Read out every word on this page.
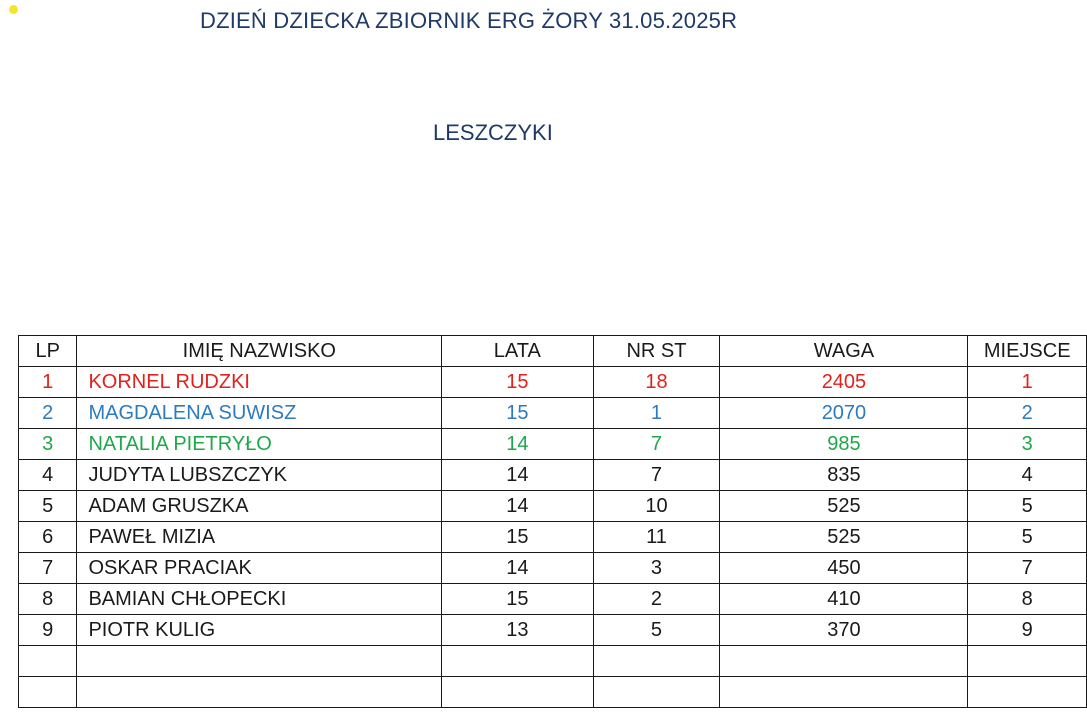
DZIEŃ DZIECKA ZBIORNIK ERG ŻORY 31.05.2025R
LESZCZYKI
LP	IMIĘ NAZWISKO	LATA	NR ST	WAGA	MIEJSCE
1	KORNEL RUDZKI	15	18	2405	1
2	MAGDALENA SUWISZ	15	1	2070	2
3	NATALIA PIETRYŁO	14	7	985	3
4	JUDYTA LUBSZCZYK	14	7	835	4
5	ADAM GRUSZKA	14	10	525	5
6	PAWEŁ MIZIA	15	11	525	5
7	OSKAR PRACIAK	14	3	450	7
8	BAMIAN CHŁOPECKI	15	2	410	8
9	PIOTR KULIG	13	5	370	9
